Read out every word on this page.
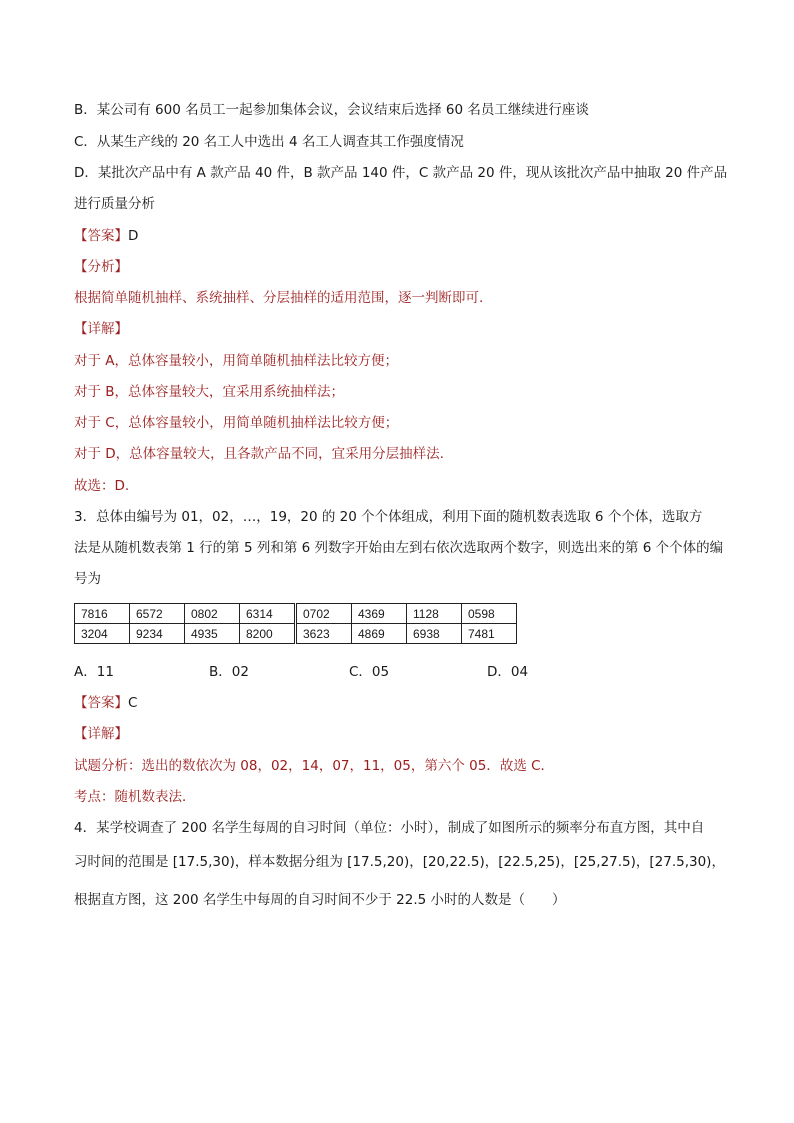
B．某公司有 600 名员工一起参加集体会议，会议结束后选择 60 名员工继续进行座谈
C．从某生产线的 20 名工人中选出 4 名工人调查其工作强度情况
D．某批次产品中有 A 款产品 40 件，B 款产品 140 件，C 款产品 20 件，现从该批次产品中抽取 20 件产品
进行质量分析
【答案】D
【分析】
根据简单随机抽样、系统抽样、分层抽样的适用范围，逐一判断即可.
【详解】
对于 A，总体容量较小，用简单随机抽样法比较方便；
对于 B，总体容量较大，宜采用系统抽样法；
对于 C，总体容量较小，用简单随机抽样法比较方便；
对于 D，总体容量较大，且各款产品不同，宜采用分层抽样法.
故选：D.
3．总体由编号为 01，02，…，19，20 的 20 个个体组成，利用下面的随机数表选取 6 个个体，选取方
法是从随机数表第 1 行的第 5 列和第 6 列数字开始由左到右依次选取两个数字，则选出来的第 6 个个体的编
号为
7816	6572	0802	6314	0702	4369	1128	0598
3204	9234	4935	8200	3623	4869	6938	7481
A．11	B．02	C．05	D．04
【答案】C
【详解】
试题分析：选出的数依次为 08，02，14，07，11，05，第六个 05．故选 C．
考点：随机数表法．
4．某学校调查了 200 名学生每周的自习时间（单位：小时），制成了如图所示的频率分布直方图，其中自
习时间的范围是 [17.5,30)，样本数据分组为 [17.5,20)，[20,22.5)，[22.5,25)，[25,27.5)，[27.5,30)，
根据直方图，这 200 名学生中每周的自习时间不少于 22.5 小时的人数是（　　）
